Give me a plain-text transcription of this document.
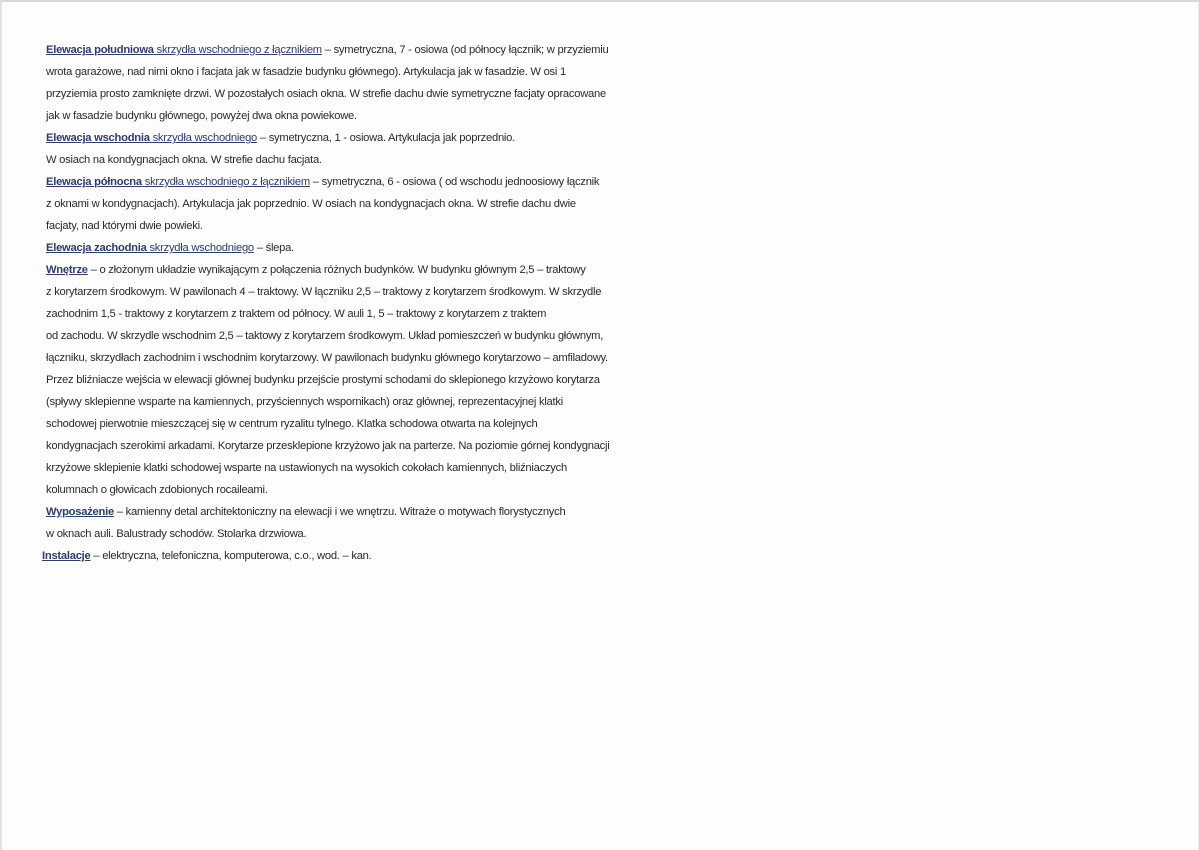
Elewacja południowa skrzydła wschodniego z łącznikiem – symetryczna, 7 - osiowa (od północy łącznik; w przyziemiu
wrota garażowe, nad nimi okno i facjata jak w fasadzie budynku głównego). Artykulacja jak w fasadzie. W osi 1
przyziemia prosto zamknięte drzwi. W pozostałych osiach okna. W strefie dachu dwie symetryczne facjaty opracowane
jak w fasadzie budynku głównego, powyżej dwa okna powiekowe.
Elewacja wschodnia skrzydła wschodniego – symetryczna, 1 - osiowa. Artykulacja jak poprzednio.
W osiach na kondygnacjach okna. W strefie dachu facjata.
Elewacja północna skrzydła wschodniego z łącznikiem – symetryczna, 6 - osiowa ( od wschodu jednoosiowy łącznik
z oknami w kondygnacjach). Artykulacja jak poprzednio. W osiach na kondygnacjach okna. W strefie dachu dwie
facjaty, nad którymi dwie powieki.
Elewacja zachodnia skrzydła wschodniego – ślepa.
Wnętrze – o złożonym układzie wynikającym z połączenia różnych budynków. W budynku głównym 2,5 – traktowy
z korytarzem środkowym. W pawilonach 4 – traktowy. W łączniku 2,5 – traktowy z korytarzem środkowym. W skrzydle
zachodnim 1,5 - traktowy z korytarzem z traktem od północy. W auli 1, 5 – traktowy z korytarzem z traktem
od zachodu. W skrzydle wschodnim 2,5 – taktowy z korytarzem środkowym. Układ pomieszczeń w budynku głównym,
łączniku, skrzydłach zachodnim i wschodnim korytarzowy. W pawilonach budynku głównego korytarzowo – amfiladowy.
Przez bliźniacze wejścia w elewacji głównej budynku przejście prostymi schodami do sklepionego krzyżowo korytarza
(spływy sklepienne wsparte na kamiennych, przyściennych wspornikach) oraz głównej, reprezentacyjnej klatki
schodowej pierwotnie mieszczącej się w centrum ryzalitu tylnego. Klatka schodowa otwarta na kolejnych
kondygnacjach szerokimi arkadami. Korytarze przesklepione krzyżowo jak na parterze. Na poziomie górnej kondygnacji
krzyżowe sklepienie klatki schodowej wsparte na ustawionych na wysokich cokołach kamiennych, bliźniaczych
kolumnach o głowicach zdobionych rocaileami.
Wyposażenie – kamienny detal architektoniczny na elewacji i we wnętrzu. Witraże o motywach florystycznych
w oknach auli. Balustrady schodów. Stolarka drzwiowa.
Instalacje – elektryczna, telefoniczna, komputerowa, c.o., wod. – kan.
